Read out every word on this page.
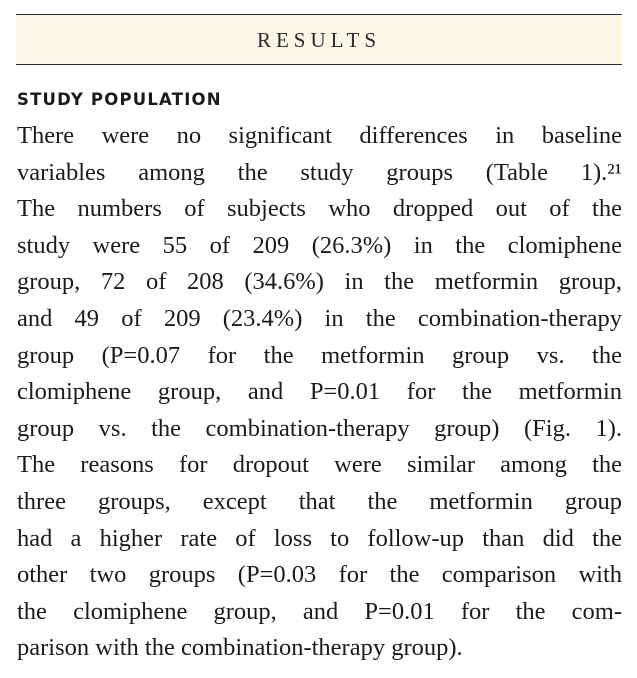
RESULTS
STUDY POPULATION
There were no significant differences in baseline
variables among the study groups (Table 1).²¹
The numbers of subjects who dropped out of the
study were 55 of 209 (26.3%) in the clomiphene
group, 72 of 208 (34.6%) in the metformin group,
and 49 of 209 (23.4%) in the combination-therapy
group (P=0.07 for the metformin group vs. the
clomiphene group, and P=0.01 for the metformin
group vs. the combination-therapy group) (Fig. 1).
The reasons for dropout were similar among the
three groups, except that the metformin group
had a higher rate of loss to follow-up than did the
other two groups (P=0.03 for the comparison with
the clomiphene group, and P=0.01 for the com-
parison with the combination-therapy group).
